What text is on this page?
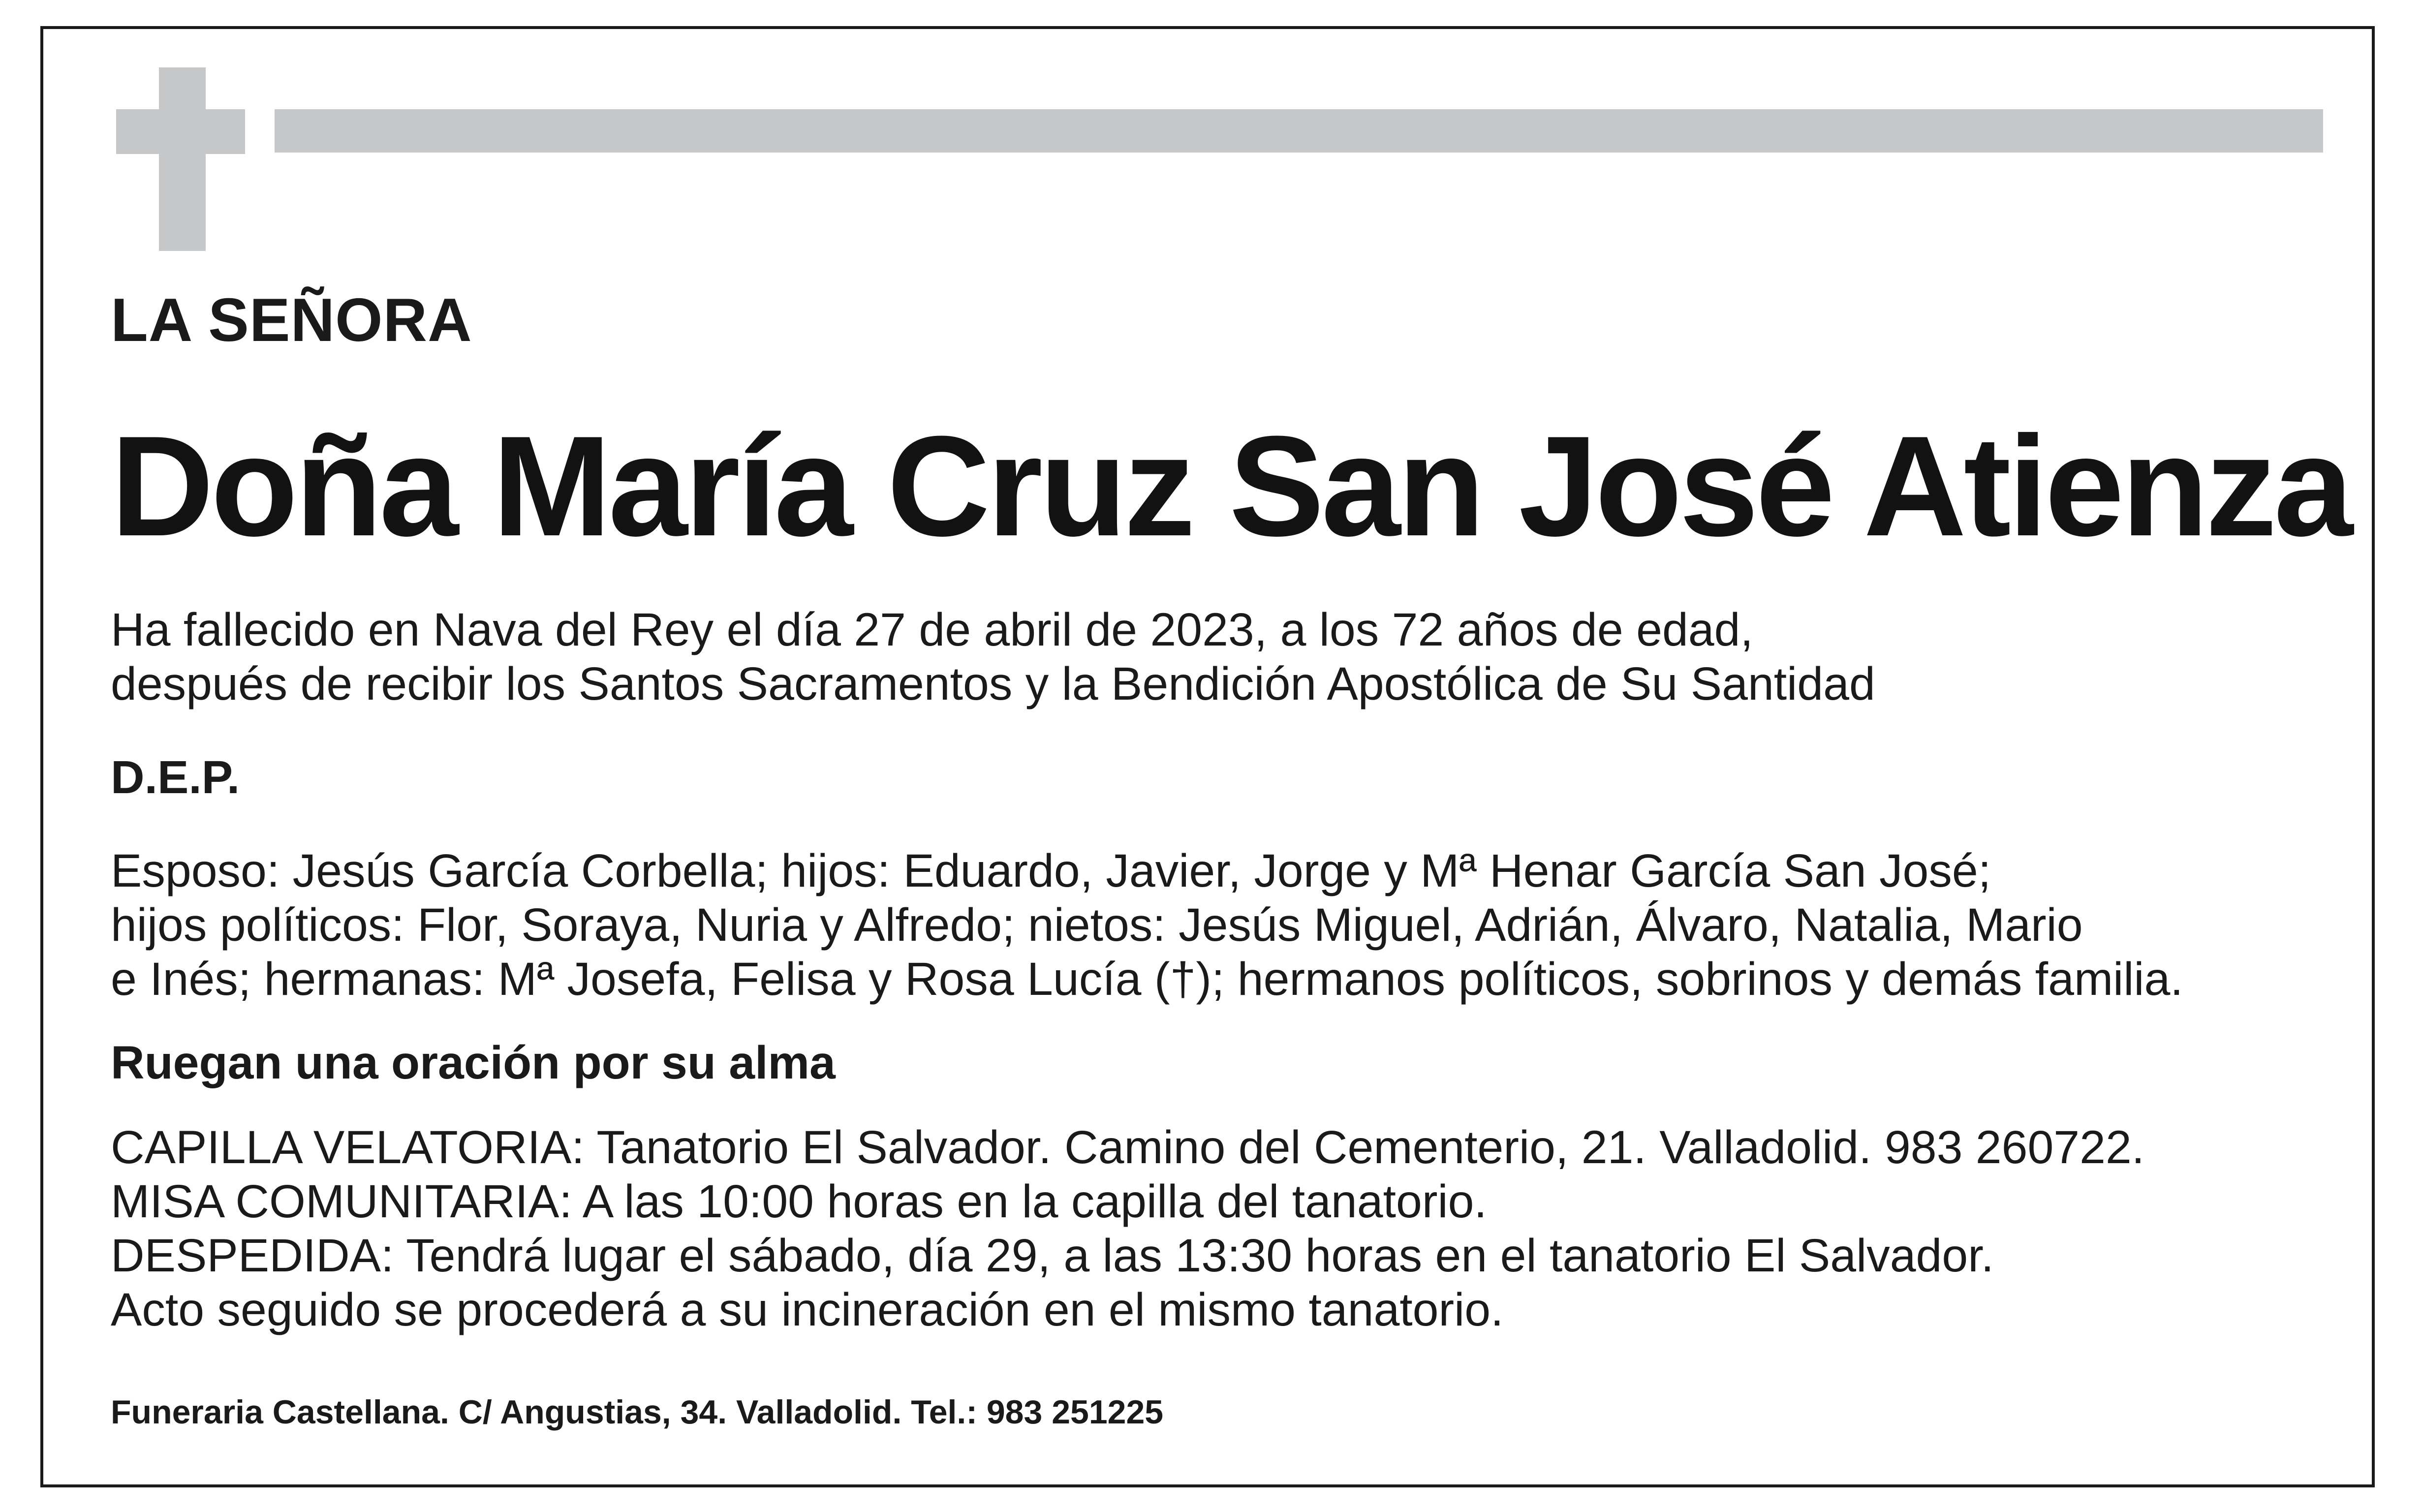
LA SEÑORA

Doña María Cruz San José Atienza

Ha fallecido en Nava del Rey el día 27 de abril de 2023, a los 72 años de edad,

después de recibir los Santos Sacramentos y la Bendición Apostólica de Su Santidad

D.E.P.

Esposo: Jesús García Corbella; hijos: Eduardo, Javier, Jorge y Mª Henar García San José;

hijos políticos: Flor, Soraya, Nuria y Alfredo; nietos: Jesús Miguel, Adrián, Álvaro, Natalia, Mario

e Inés; hermanas: Mª Josefa, Felisa y Rosa Lucía (†); hermanos políticos, sobrinos y demás familia.

Ruegan una oración por su alma

CAPILLA VELATORIA: Tanatorio El Salvador. Camino del Cementerio, 21. Valladolid. 983 260722.

MISA COMUNITARIA: A las 10:00 horas en la capilla del tanatorio.

DESPEDIDA: Tendrá lugar el sábado, día 29, a las 13:30 horas en el tanatorio El Salvador.

Acto seguido se procederá a su incineración en el mismo tanatorio.

Funeraria Castellana. C/ Angustias, 34. Valladolid. Tel.: 983 251225
